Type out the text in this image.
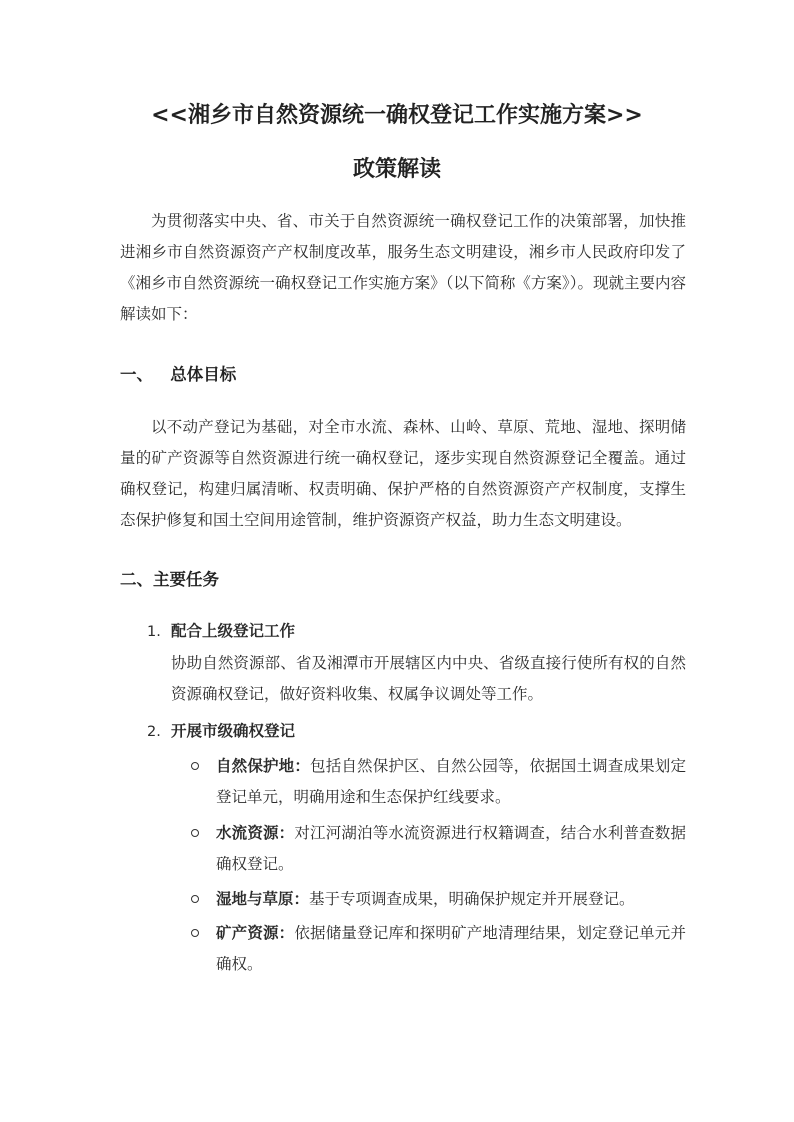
<<湘乡市自然资源统一确权登记工作实施方案>>
政策解读

为贯彻落实中央、省、市关于自然资源统一确权登记工作的决策部署，加快推进湘乡市自然资源资产产权制度改革，服务生态文明建设，湘乡市人民政府印发了《湘乡市自然资源统一确权登记工作实施方案》（以下简称《方案》）。现就主要内容解读如下：

一、   总体目标

以不动产登记为基础，对全市水流、森林、山岭、草原、荒地、湿地、探明储量的矿产资源等自然资源进行统一确权登记，逐步实现自然资源登记全覆盖。通过确权登记，构建归属清晰、权责明确、保护严格的自然资源资产产权制度，支撑生态保护修复和国土空间用途管制，维护资源资产权益，助力生态文明建设。

二、主要任务
1. 配合上级登记工作

协助自然资源部、省及湘潭市开展辖区内中央、省级直接行使所有权的自然资源确权登记，做好资料收集、权属争议调处等工作。

2. 开展市级确权登记
自然保护地：包括自然保护区、自然公园等，依据国土调查成果划定登记单元，明确用途和生态保护红线要求。
水流资源：对江河湖泊等水流资源进行权籍调查，结合水利普查数据确权登记。
湿地与草原：基于专项调查成果，明确保护规定并开展登记。
矿产资源：依据储量登记库和探明矿产地清理结果，划定登记单元并确权。
